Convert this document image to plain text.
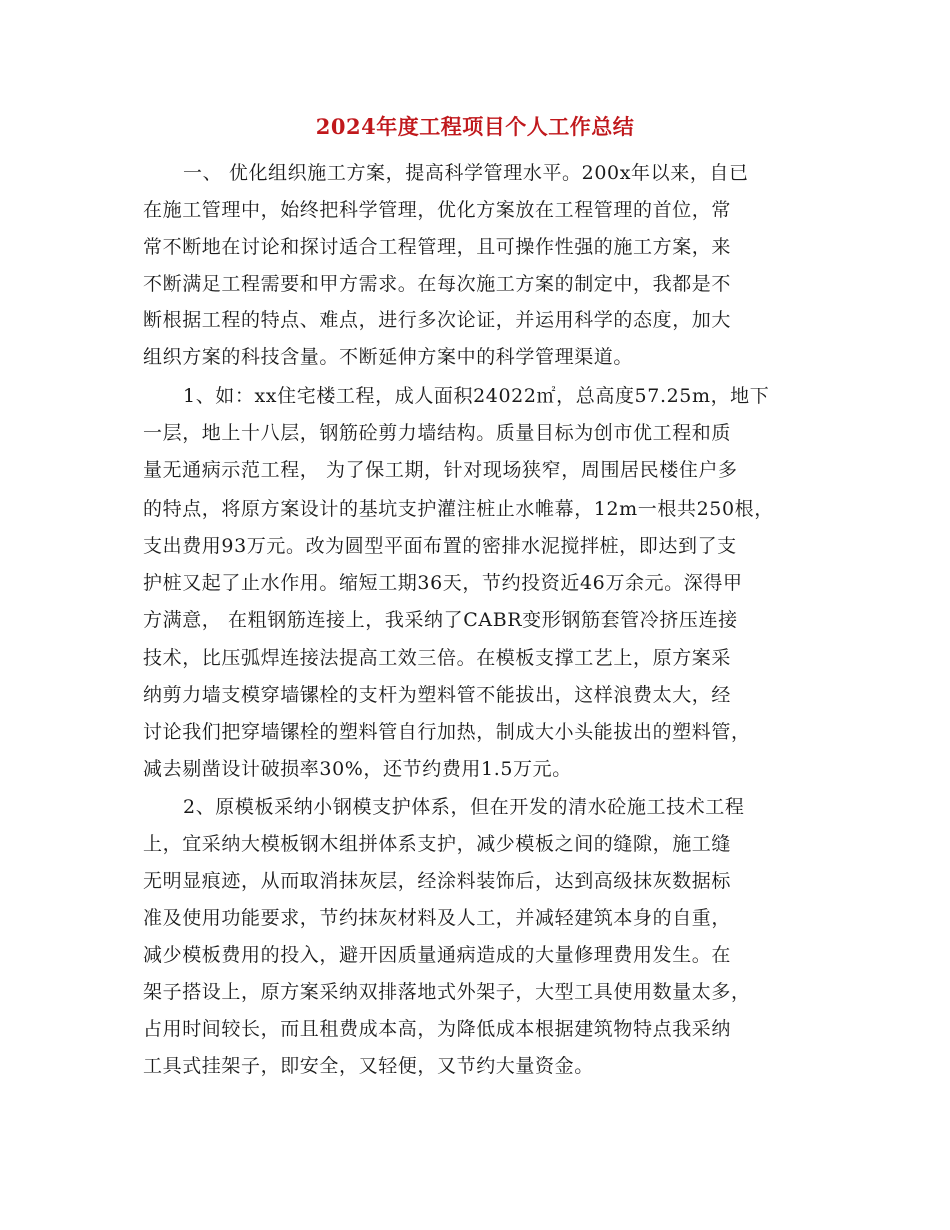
2024年度工程项目个人工作总结
一、 优化组织施工方案，提高科学管理水平。200x年以来，自已
在施工管理中，始终把科学管理，优化方案放在工程管理的首位，常
常不断地在讨论和探讨适合工程管理，且可操作性强的施工方案，来
不断满足工程需要和甲方需求。在每次施工方案的制定中，我都是不
断根据工程的特点、难点，进行多次论证，并运用科学的态度，加大
组织方案的科技含量。不断延伸方案中的科学管理渠道。
1、如：xx住宅楼工程，成人面积24022㎡，总高度57.25m，地下
一层，地上十八层，钢筋砼剪力墙结构。质量目标为创市优工程和质
量无通病示范工程， 为了保工期，针对现场狭窄，周围居民楼住户多
的特点，将原方案设计的基坑支护灌注桩止水帷幕，12m一根共250根，
支出费用93万元。改为圆型平面布置的密排水泥搅拌桩，即达到了支
护桩又起了止水作用。缩短工期36天，节约投资近46万余元。深得甲
方满意， 在粗钢筋连接上，我采纳了CABR变形钢筋套管冷挤压连接
技术，比压弧焊连接法提高工效三倍。在模板支撑工艺上，原方案采
纳剪力墙支模穿墙镙栓的支杆为塑料管不能拔出，这样浪费太大，经
讨论我们把穿墙镙栓的塑料管自行加热，制成大小头能拔出的塑料管，
减去剔凿设计破损率30%，还节约费用1.5万元。
2、原模板采纳小钢模支护体系，但在开发的清水砼施工技术工程
上，宜采纳大模板钢木组拼体系支护，减少模板之间的缝隙，施工缝
无明显痕迹，从而取消抹灰层，经涂料装饰后，达到高级抹灰数据标
准及使用功能要求，节约抹灰材料及人工，并减轻建筑本身的自重，
减少模板费用的投入，避开因质量通病造成的大量修理费用发生。在
架子搭设上，原方案采纳双排落地式外架子，大型工具使用数量太多，
占用时间较长，而且租费成本高，为降低成本根据建筑物特点我采纳
工具式挂架子，即安全，又轻便，又节约大量资金。
